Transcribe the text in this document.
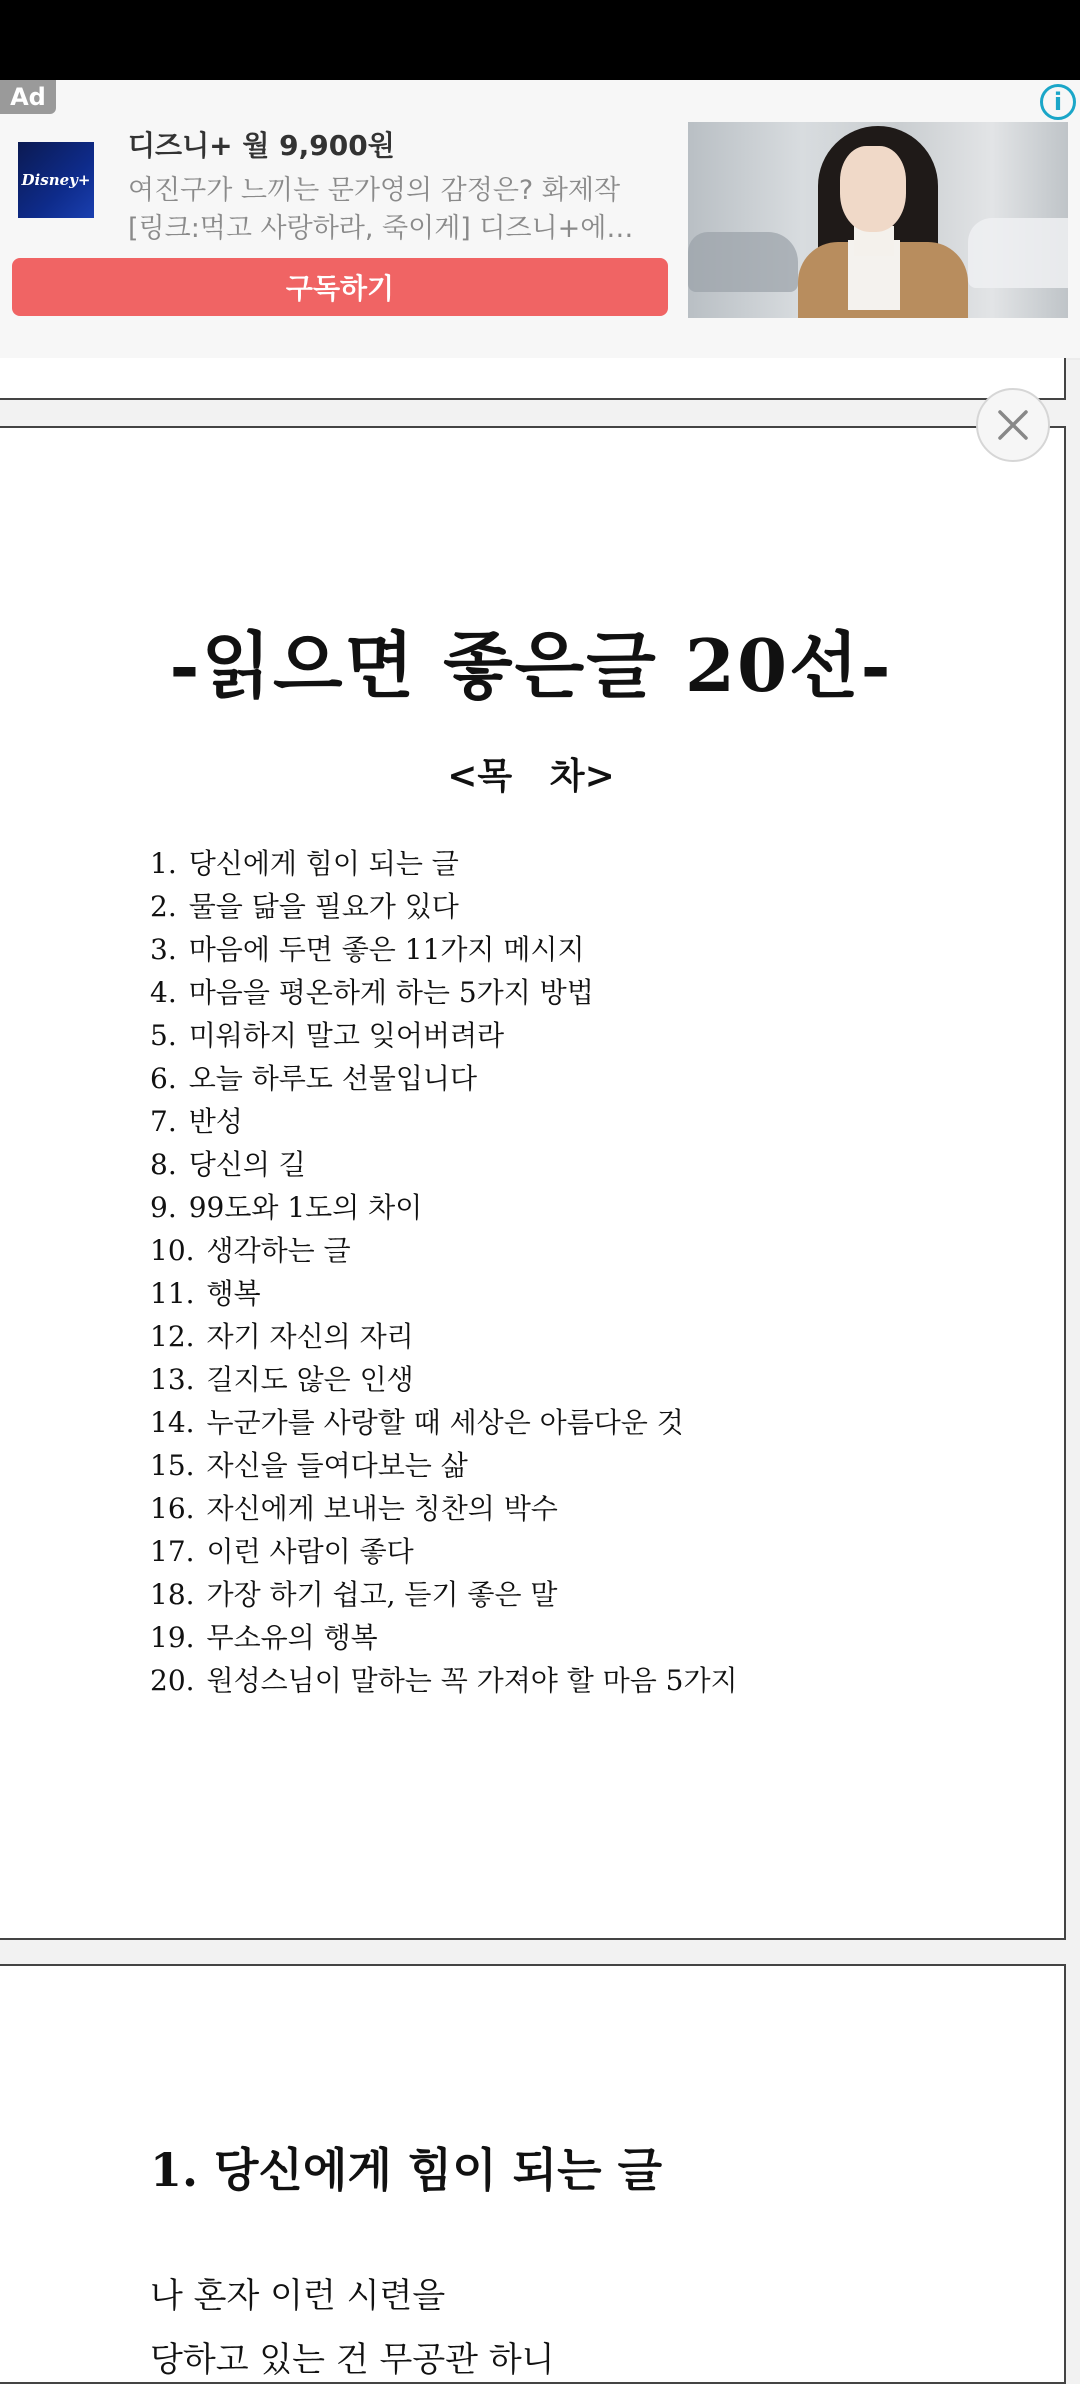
Ad	i
Disney+
디즈니+ 월 9,900원
여진구가 느끼는 문가영의 감정은? 화제작
[링크:먹고 사랑하라, 죽이게] 디즈니+에서...
구독하기
-읽으면 좋은글 20선-
<목   차>
1. 당신에게 힘이 되는 글
2. 물을 닮을 필요가 있다
3. 마음에 두면 좋은 11가지 메시지
4. 마음을 평온하게 하는 5가지 방법
5. 미워하지 말고 잊어버려라
6. 오늘 하루도 선물입니다
7. 반성
8. 당신의 길
9. 99도와 1도의 차이
10. 생각하는 글
11. 행복
12. 자기 자신의 자리
13. 길지도 않은 인생
14. 누군가를 사랑할 때 세상은 아름다운 것
15. 자신을 들여다보는 삶
16. 자신에게 보내는 칭찬의 박수
17. 이런 사람이 좋다
18. 가장 하기 쉽고, 듣기 좋은 말
19. 무소유의 행복
20. 원성스님이 말하는 꼭 가져야 할 마음 5가지
1. 당신에게 힘이 되는 글
나 혼자 이런 시련을
당하고 있는 건 무공관 하니
